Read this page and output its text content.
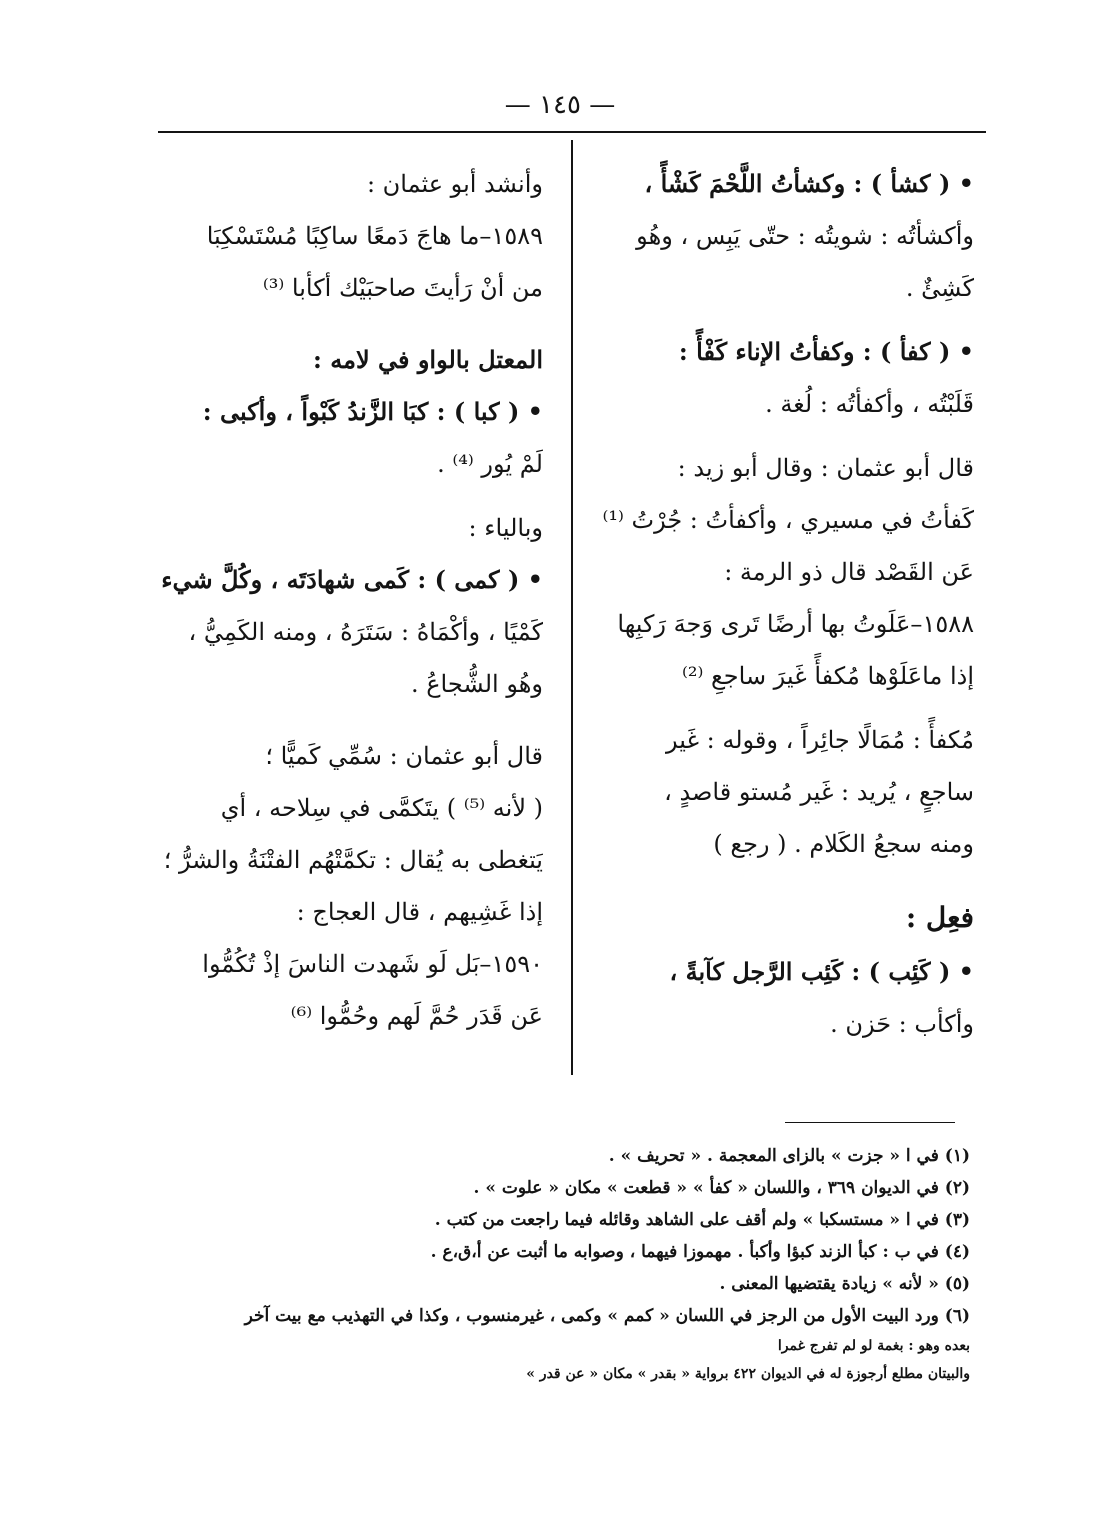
— ١٤٥ —
• ( كشأ ) : وكشأتُ اللَّحْمَ كَشْأً ،
وأكشأتُه : شويتُه : حتّى يَبِس ، وهُو
كَشِئٌ .
• ( كفأ ) : وكفأتُ الإناء كَفْأً :
قَلَبْتُه ، وأكفأتُه : لُغة .
قال أبو عثمان : وقال أبو زيد :
كَفأتُ في مسيري ، وأكفأتُ : جُرْتُ ⁽¹⁾
عَن القَصْد قال ذو الرمة :
١٥٨٨–عَلَوتُ بها أرضًا تَرى وَجهَ رَكبِها
إذا ماعَلَوْها مُكفأً غَيرَ ساجعِ ⁽²⁾
مُكفأً : مُمَالًا جائِراً ، وقوله : غَير
ساجعٍ ، يُريد : غَير مُستو قاصدٍ ،
ومنه سجعُ الكَلام . ( رجع )
فعِل :
• ( كَئِب ) : كَئِب الرَّجل كآبةً ،
وأكأب : حَزن .
وأنشد أبو عثمان :
١٥٨٩–ما هاجَ دَمعًا ساكِبًا مُسْتَسْكِبَا
من أنْ رَأيتَ صاحبَيْك أكأبا ⁽³⁾
المعتل بالواو في لامه :
• ( كبا ) : كبَا الزَّندُ كَبْواً ، وأكبى :
لَمْ يُور ⁽⁴⁾ .
وبالياء :
• ( كمى ) : كَمى شهادَتَه ، وكُلَّ شيء
كَمْيًا ، وأكْمَاهُ : سَتَرَهُ ، ومنه الكَمِيُّ ،
وهُو الشُّجاعُ .
قال أبو عثمان : سُمِّي كَميًّا ؛
( لأنه ⁽⁵⁾ ) يتَكمَّى في سِلاحه ، أي
يَتغطى به يُقال : تكمَّتْهُم الفتْنَةُ والشرُّ ؛
إذا غَشِيهم ، قال العجاج :
١٥٩٠–بَل لَو شَهدت الناسَ إذْ تُكُمُّوا
عَن قَدَر حُمَّ لَهم وحُمُّوا ⁽⁶⁾
(١) في ا « جزت » بالزاى المعجمة . « تحريف » .
(٢) في الديوان ٣٦٩ ، واللسان « كفأ » « قطعت » مكان « علوت » .
(٣) في ا « مستسكبا » ولم أقف على الشاهد وقائله فيما راجعت من كتب .
(٤) في ب : كبأ الزند كبؤا وأكبأ . مهموزا فيهما ، وصوابه ما أثبت عن أ،ق،ع .
(٥) « لأنه » زيادة يقتضيها المعنى .
(٦) ورد البيت الأول من الرجز في اللسان « كمم » وكمى ، غيرمنسوب ، وكذا في التهذيب مع بيت آخر
بعده وهو : بغمة لو لم تفرج غمرا
والبيتان مطلع أرجوزة له في الديوان ٤٢٢ برواية « بقدر » مكان « عن قدر »
